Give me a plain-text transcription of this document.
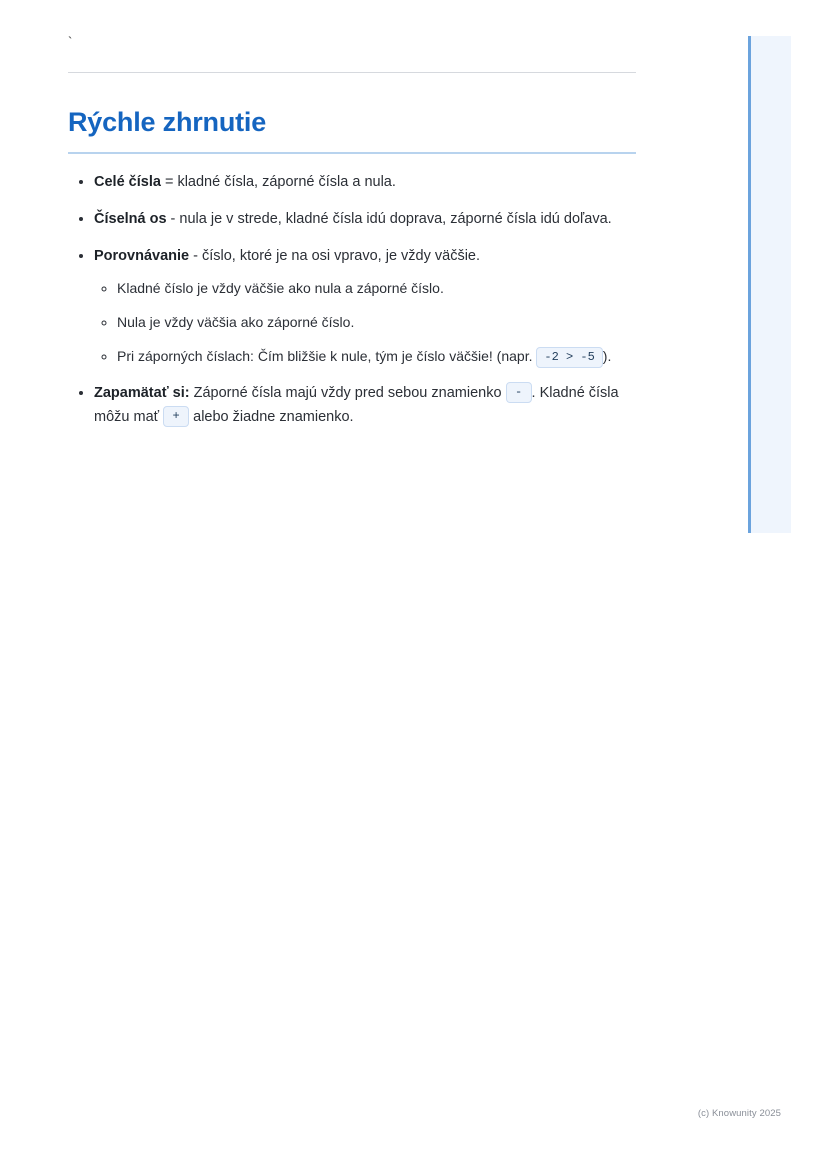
`
Rýchle zhrnutie
• Celé čísla = kladné čísla, záporné čísla a nula.
• Číselná os - nula je v strede, kladné čísla idú doprava, záporné čísla idú doľava.
• Porovnávanie - číslo, ktoré je na osi vpravo, je vždy väčšie.
◦ Kladné číslo je vždy väčšie ako nula a záporné číslo.
◦ Nula je vždy väčšia ako záporné číslo.
◦ Pri záporných číslach: Čím bližšie k nule, tým je číslo väčšie! (napr. -2 > -5 ).
• Zapamätať si: Záporné čísla majú vždy pred sebou znamienko - . Kladné čísla môžu mať + alebo žiadne znamienko.
(c) Knowunity 2025
